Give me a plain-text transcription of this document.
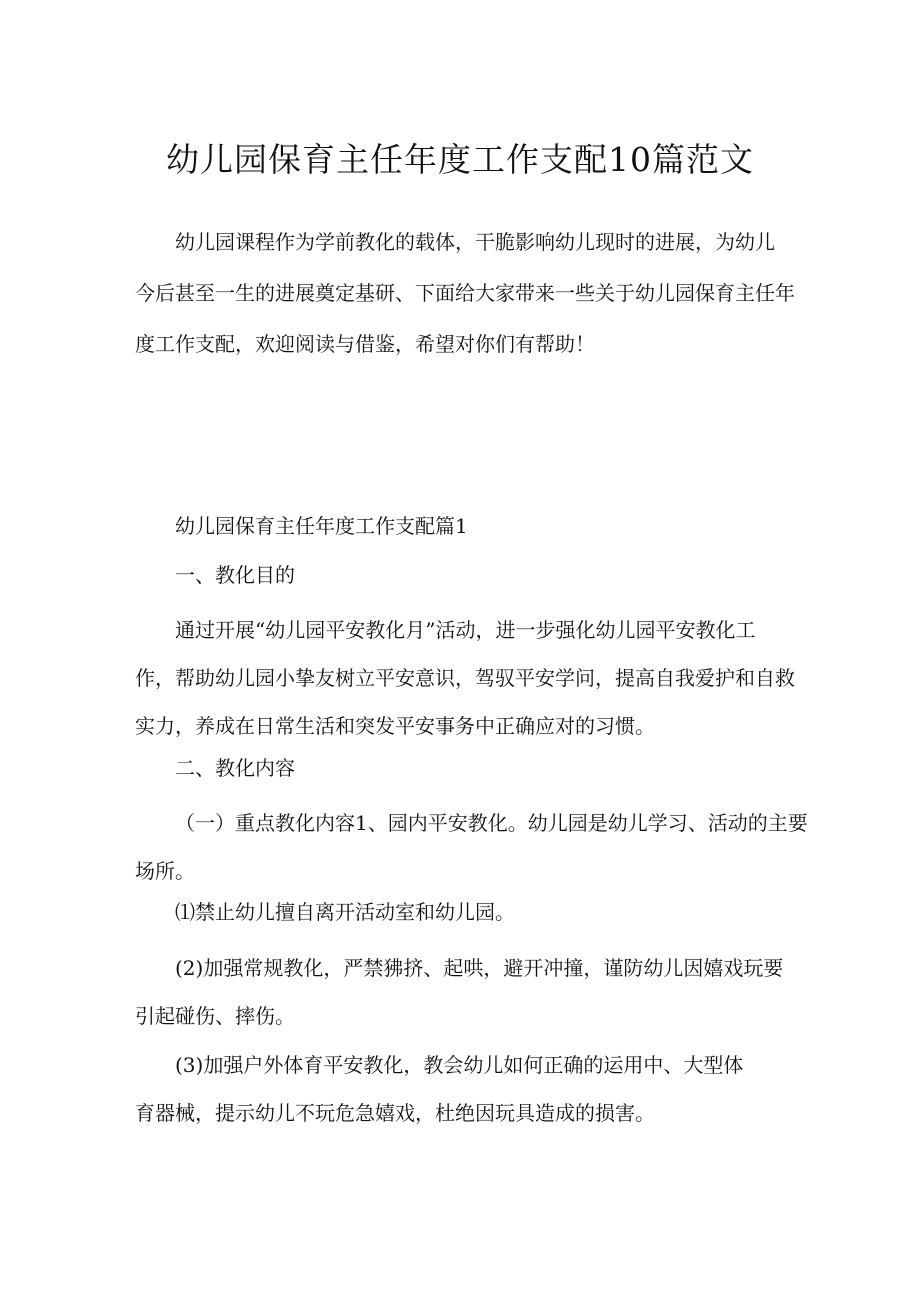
幼儿园保育主任年度工作支配10篇范文
幼儿园课程作为学前教化的载体，干脆影响幼儿现时的进展，为幼儿
今后甚至一生的进展奠定基研、下面给大家带来一些关于幼儿园保育主任年
度工作支配，欢迎阅读与借鉴，希望对你们有帮助！

幼儿园保育主任年度工作支配篇1

一、教化目的

通过开展“幼儿园平安教化月”活动，进一步强化幼儿园平安教化工
作，帮助幼儿园小挚友树立平安意识，驾驭平安学问，提高自我爱护和自救
实力，养成在日常生活和突发平安事务中正确应对的习惯。

二、教化内容

（一）重点教化内容1、园内平安教化。幼儿园是幼儿学习、活动的主要
场所。

⑴禁止幼儿擅自离开活动室和幼儿园。

(2)加强常规教化，严禁狒挤、起哄，避开冲撞，谨防幼儿因嬉戏玩要
引起碰伤、摔伤。
(3)加强户外体育平安教化，教会幼儿如何正确的运用中、大型体
育器械，提示幼儿不玩危急嬉戏，杜绝因玩具造成的损害。
